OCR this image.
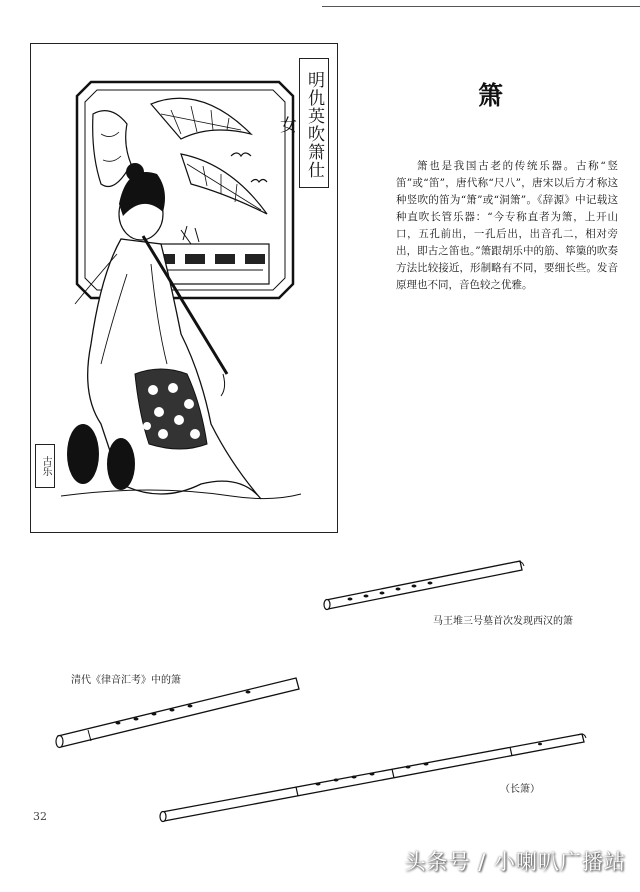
明仇英吹箫仕女
古乐
箫

箫也是我国古老的传统乐器。古称“竖笛”或“笛”，唐代称“尺八”，唐宋以后方才称这种竖吹的笛为“箫”或“洞箫”。《辞源》中记载这种直吹长管乐器：“今专称直者为箫，上开山口，五孔前出，一孔后出，出音孔二，相对旁出，即古之笛也。”箫跟胡乐中的筋、筚篥的吹奏方法比较接近，形制略有不同，要细长些。发音原理也不同，音色较之优雅。

马王堆三号墓首次发现西汉的箫
清代《律音汇考》中的箫
（长箫）
32
头条号 / 小喇叭广播站
